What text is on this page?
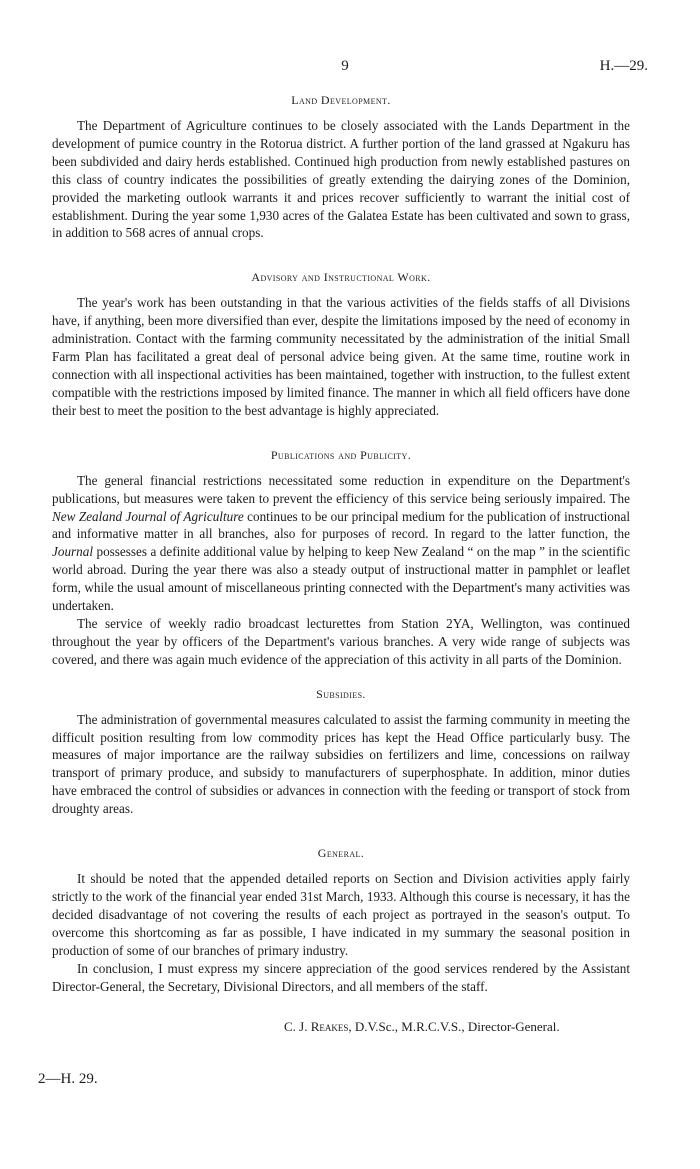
9	H.—29.
Land Development.

The Department of Agriculture continues to be closely associated with the Lands Department in the development of pumice country in the Rotorua district. A further portion of the land grassed at Ngakuru has been subdivided and dairy herds established. Continued high production from newly established pastures on this class of country indicates the possibilities of greatly extending the dairying zones of the Dominion, provided the marketing outlook warrants it and prices recover sufficiently to warrant the initial cost of establishment. During the year some 1,930 acres of the Galatea Estate has been cultivated and sown to grass, in addition to 568 acres of annual crops.

Advisory and Instructional Work.

The year's work has been outstanding in that the various activities of the fields staffs of all Divisions have, if anything, been more diversified than ever, despite the limitations imposed by the need of economy in administration. Contact with the farming community necessitated by the administration of the initial Small Farm Plan has facilitated a great deal of personal advice being given. At the same time, routine work in connection with all inspectional activities has been maintained, together with instruction, to the fullest extent compatible with the restrictions imposed by limited finance. The manner in which all field officers have done their best to meet the position to the best advantage is highly appreciated.

Publications and Publicity.

The general financial restrictions necessitated some reduction in expenditure on the Department's publications, but measures were taken to prevent the efficiency of this service being seriously impaired. The New Zealand Journal of Agriculture continues to be our principal medium for the publication of instructional and informative matter in all branches, also for purposes of record. In regard to the latter function, the Journal possesses a definite additional value by helping to keep New Zealand “ on the map ” in the scientific world abroad. During the year there was also a steady output of instructional matter in pamphlet or leaflet form, while the usual amount of miscellaneous printing connected with the Department's many activities was undertaken.

The service of weekly radio broadcast lecturettes from Station 2YA, Wellington, was continued throughout the year by officers of the Department's various branches. A very wide range of subjects was covered, and there was again much evidence of the appreciation of this activity in all parts of the Dominion.

Subsidies.

The administration of governmental measures calculated to assist the farming community in meeting the difficult position resulting from low commodity prices has kept the Head Office particularly busy. The measures of major importance are the railway subsidies on fertilizers and lime, concessions on railway transport of primary produce, and subsidy to manufacturers of superphosphate. In addition, minor duties have embraced the control of subsidies or advances in connection with the feeding or transport of stock from droughty areas.

General.

It should be noted that the appended detailed reports on Section and Division activities apply fairly strictly to the work of the financial year ended 31st March, 1933. Although this course is necessary, it has the decided disadvantage of not covering the results of each project as portrayed in the season's output. To overcome this shortcoming as far as possible, I have indicated in my summary the seasonal position in production of some of our branches of primary industry.

In conclusion, I must express my sincere appreciation of the good services rendered by the Assistant Director-General, the Secretary, Divisional Directors, and all members of the staff.

C. J. Reakes, D.V.Sc., M.R.C.V.S., Director-General.
2—H. 29.
